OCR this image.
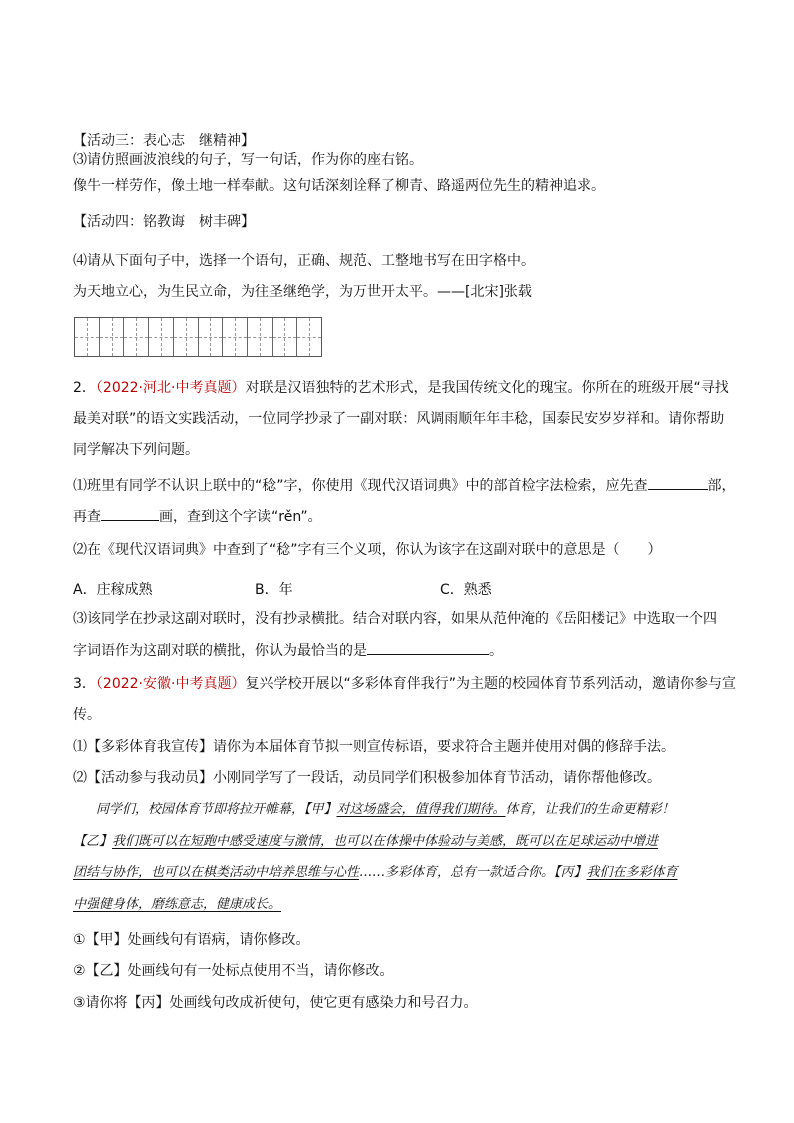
【活动三：表心志　继精神】
⑶请仿照画波浪线的句子，写一句话，作为你的座右铭。
像牛一样劳作，像土地一样奉献。这句话深刻诠释了柳青、路遥两位先生的精神追求。
【活动四：铭教诲　树丰碑】
⑷请从下面句子中，选择一个语句，正确、规范、工整地书写在田字格中。
为天地立心，为生民立命，为往圣继绝学，为万世开太平。——[北宋]张载
2．（2022·河北·中考真题）对联是汉语独特的艺术形式，是我国传统文化的瑰宝。你所在的班级开展“寻找
最美对联”的语文实践活动，一位同学抄录了一副对联：风调雨顺年年丰稔，国泰民安岁岁祥和。请你帮助
同学解决下列问题。
⑴班里有同学不认识上联中的“稔”字，你使用《现代汉语词典》中的部首检字法检索，应先查	部，
再查	画，查到这个字读“rěn”。
⑵在《现代汉语词典》中查到了“稔”字有三个义项，你认为该字在这副对联中的意思是（　　）
A．庄稼成熟	B．年	C．熟悉
⑶该同学在抄录这副对联时，没有抄录横批。结合对联内容，如果从范仲淹的《岳阳楼记》中选取一个四
字词语作为这副对联的横批，你认为最恰当的是	。
3．（2022·安徽·中考真题）复兴学校开展以“多彩体育伴我行”为主题的校园体育节系列活动，邀请你参与宣
传。
⑴【多彩体育我宣传】请你为本届体育节拟一则宣传标语，要求符合主题并使用对偶的修辞手法。
⑵【活动参与我动员】小刚同学写了一段话，动员同学们积极参加体育节活动，请你帮他修改。
同学们，校园体育节即将拉开帷幕，【甲】对这场盛会，值得我们期待。体育，让我们的生命更精彩！
【乙】我们既可以在短跑中感受速度与激情，也可以在体操中体验动与美感，既可以在足球运动中增进
团结与协作，也可以在棋类活动中培养思维与心性……多彩体育，总有一款适合你。【丙】我们在多彩体育
中强健身体，磨练意志，健康成长。
①【甲】处画线句有语病，请你修改。
②【乙】处画线句有一处标点使用不当，请你修改。
③请你将【丙】处画线句改成祈使句，使它更有感染力和号召力。
